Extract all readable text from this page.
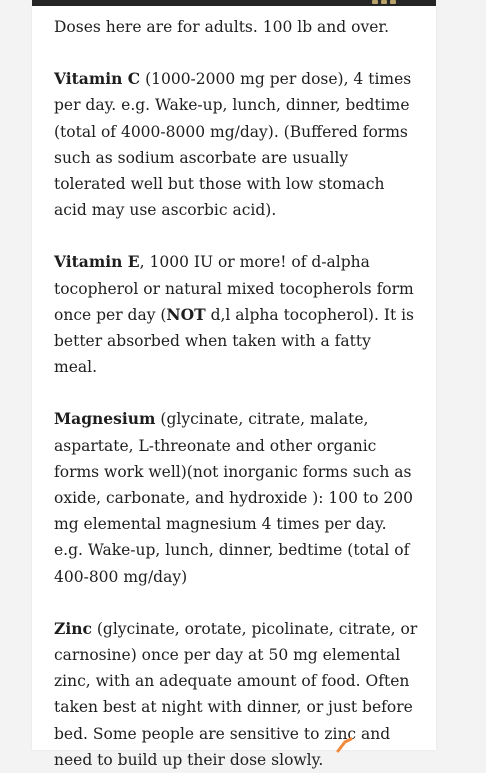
Doses here are for adults. 100 lb and over.

Vitamin C (1000-2000 mg per dose), 4 times per day. e.g. Wake-up, lunch, dinner, bedtime (total of 4000-8000 mg/day). (Buffered forms such as sodium ascorbate are usually tolerated well but those with low stomach acid may use ascorbic acid).

Vitamin E, 1000 IU or more! of d-alpha tocopherol or natural mixed tocopherols form once per day (NOT d,l alpha tocopherol). It is better absorbed when taken with a fatty meal.

Magnesium (glycinate, citrate, malate, aspartate, L-threonate and other organic forms work well)(not inorganic forms such as oxide, carbonate, and hydroxide ): 100 to 200 mg elemental magnesium 4 times per day. e.g. Wake-up, lunch, dinner, bedtime (total of 400-800 mg/day)

Zinc (glycinate, orotate, picolinate, citrate, or carnosine) once per day at 50 mg elemental zinc, with an adequate amount of food. Often taken best at night with dinner, or just before bed. Some people are sensitive to zinc and need to build up their dose slowly.
